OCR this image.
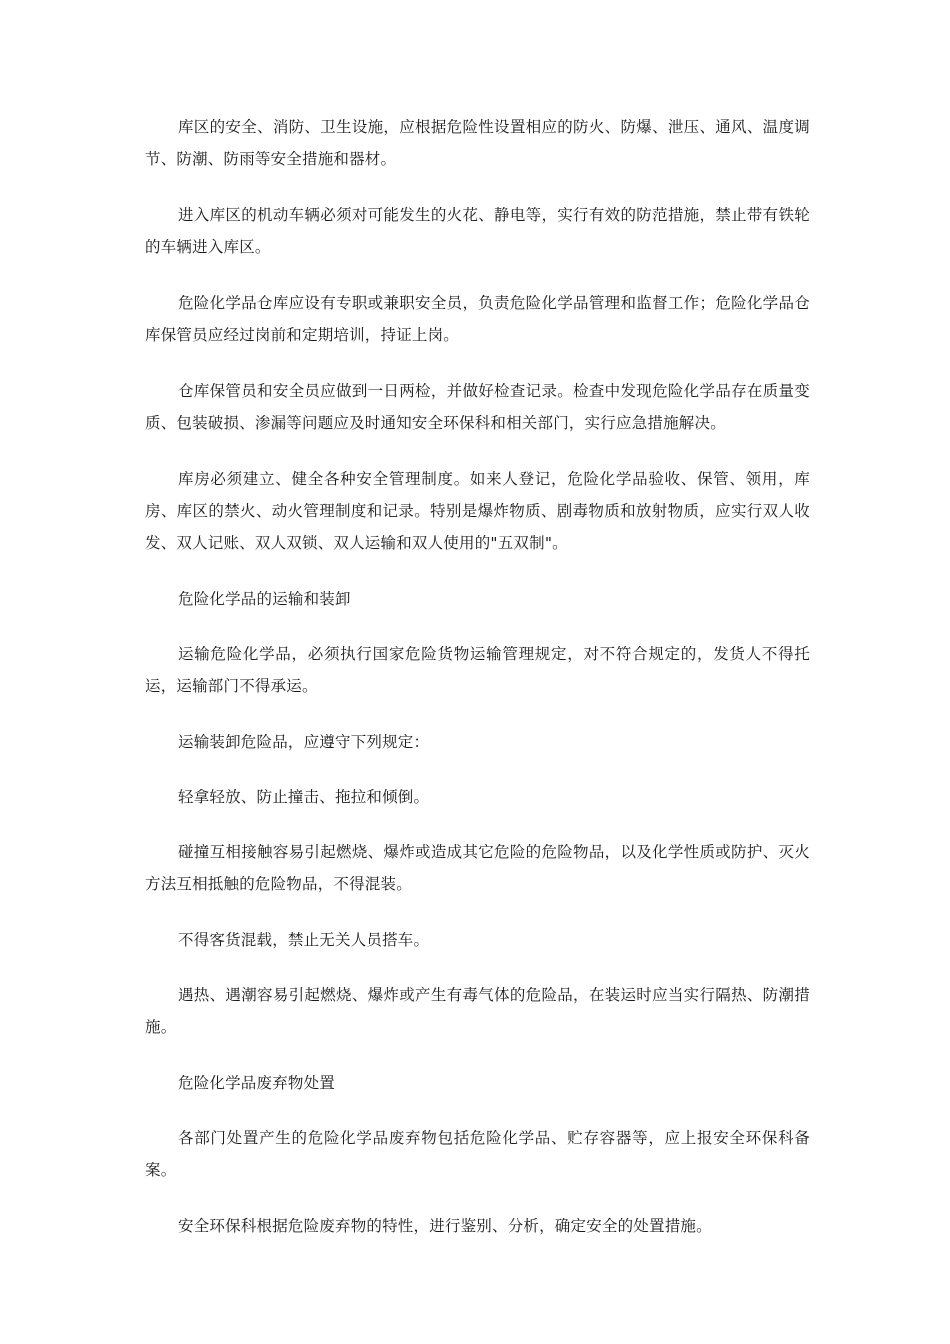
库区的安全、消防、卫生设施，应根据危险性设置相应的防火、防爆、泄压、通风、温度调节、防潮、防雨等安全措施和器材。

进入库区的机动车辆必须对可能发生的火花、静电等，实行有效的防范措施，禁止带有铁轮的车辆进入库区。

危险化学品仓库应设有专职或兼职安全员，负责危险化学品管理和监督工作；危险化学品仓库保管员应经过岗前和定期培训，持证上岗。

仓库保管员和安全员应做到一日两检，并做好检查记录。检查中发现危险化学品存在质量变质、包装破损、渗漏等问题应及时通知安全环保科和相关部门，实行应急措施解决。

库房必须建立、健全各种安全管理制度。如来人登记，危险化学品验收、保管、领用，库房、库区的禁火、动火管理制度和记录。特别是爆炸物质、剧毒物质和放射物质，应实行双人收发、双人记账、双人双锁、双人运输和双人使用的"五双制"。

危险化学品的运输和装卸

运输危险化学品，必须执行国家危险货物运输管理规定，对不符合规定的，发货人不得托运，运输部门不得承运。

运输装卸危险品，应遵守下列规定：

轻拿轻放、防止撞击、拖拉和倾倒。

碰撞互相接触容易引起燃烧、爆炸或造成其它危险的危险物品，以及化学性质或防护、灭火方法互相抵触的危险物品，不得混装。

不得客货混载，禁止无关人员搭车。

遇热、遇潮容易引起燃烧、爆炸或产生有毒气体的危险品，在装运时应当实行隔热、防潮措施。

危险化学品废弃物处置

各部门处置产生的危险化学品废弃物包括危险化学品、贮存容器等，应上报安全环保科备案。

安全环保科根据危险废弃物的特性，进行鉴别、分析，确定安全的处置措施。
